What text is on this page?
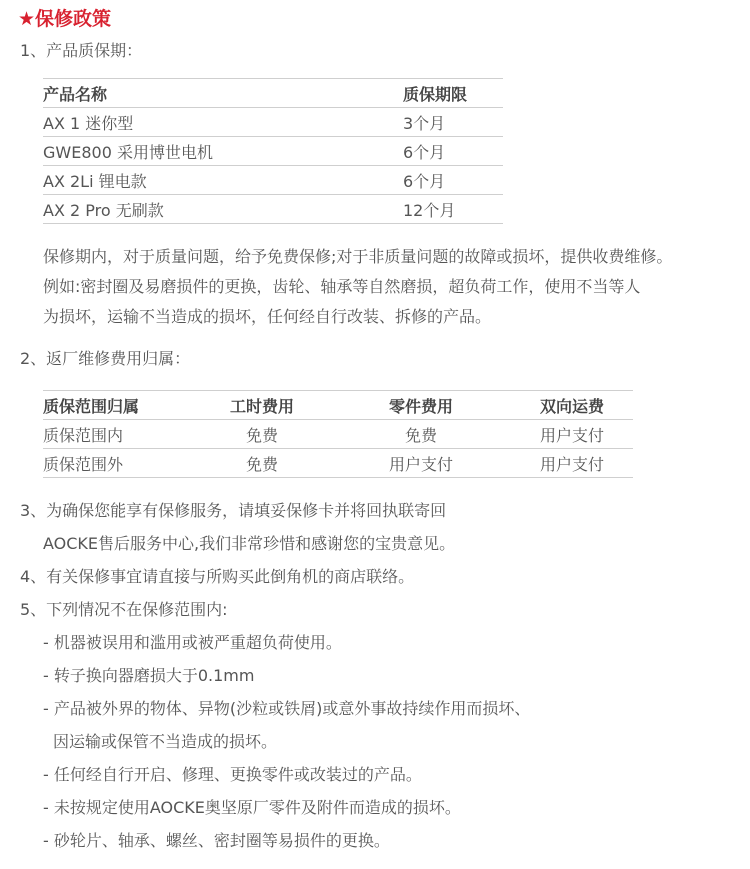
★保修政策
1、产品质保期：
产品名称	质保期限
AX 1 迷你型	3个月
GWE800 采用博世电机	6个月
AX 2Li 锂电款	6个月
AX 2 Pro 无刷款	12个月
保修期内，对于质量问题，给予免费保修;对于非质量问题的故障或损坏，提供收费维修。
例如:密封圈及易磨损件的更换，齿轮、轴承等自然磨损，超负荷工作，使用不当等人
为损坏，运输不当造成的损坏，任何经自行改装、拆修的产品。
2、返厂维修费用归属：
质保范围归属	工时费用	零件费用	双向运费
质保范围内	免费	免费	用户支付
质保范围外	免费	用户支付	用户支付
3、为确保您能享有保修服务，请填妥保修卡并将回执联寄回
AOCKE售后服务中心,我们非常珍惜和感谢您的宝贵意见。
4、有关保修事宜请直接与所购买此倒角机的商店联络。
5、下列情况不在保修范围内:
- 机器被误用和滥用或被严重超负荷使用。
- 转子换向器磨损大于0.1mm
- 产品被外界的物体、异物(沙粒或铁屑)或意外事故持续作用而损坏、
因运输或保管不当造成的损坏。
- 任何经自行开启、修理、更换零件或改装过的产品。
- 未按规定使用AOCKE奥坚原厂零件及附件而造成的损坏。
- 砂轮片、轴承、螺丝、密封圈等易损件的更换。
